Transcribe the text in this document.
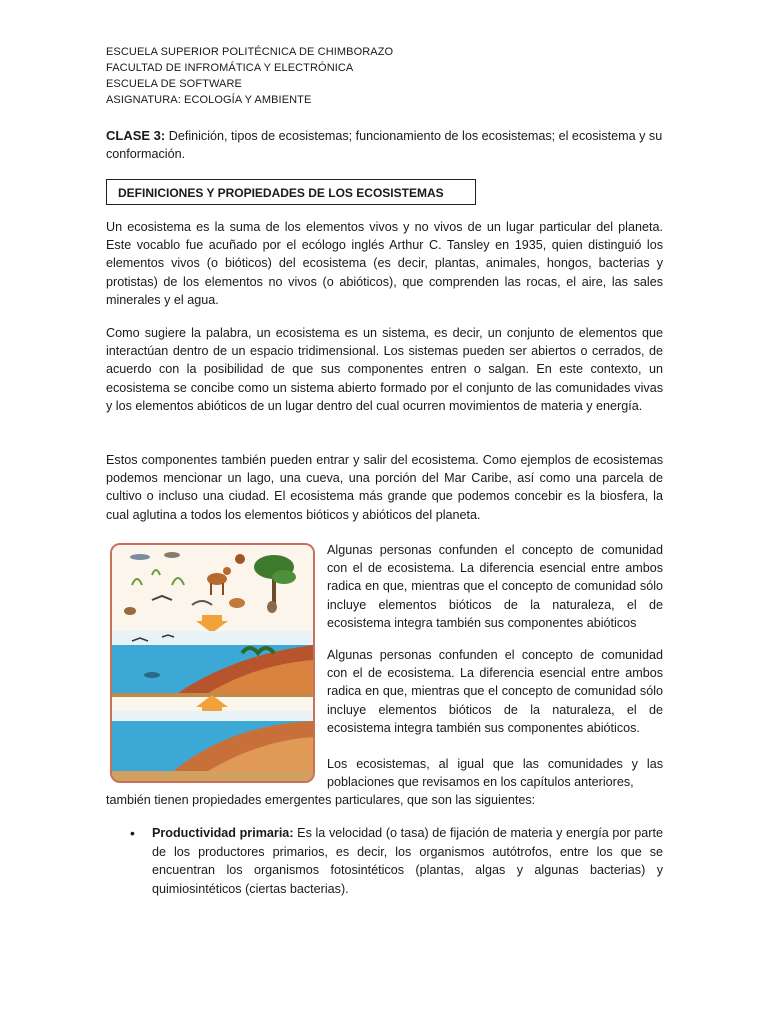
ESCUELA SUPERIOR POLITÉCNICA DE CHIMBORAZO
FACULTAD DE INFROMÁTICA Y ELECTRÓNICA
ESCUELA DE SOFTWARE
ASIGNATURA: ECOLOGÍA Y AMBIENTE
CLASE 3: Definición, tipos de ecosistemas; funcionamiento de los ecosistemas; el ecosistema y su conformación.
DEFINICIONES Y PROPIEDADES DE LOS ECOSISTEMAS
Un ecosistema es la suma de los elementos vivos y no vivos de un lugar particular del planeta. Este vocablo fue acuñado por el ecólogo inglés Arthur C. Tansley en 1935, quien distinguió los elementos vivos (o bióticos) del ecosistema (es decir, plantas, animales, hongos, bacterias y protistas) de los elementos no vivos (o abióticos), que comprenden las rocas, el aire, las sales minerales y el agua.
Como sugiere la palabra, un ecosistema es un sistema, es decir, un conjunto de elementos que interactúan dentro de un espacio tridimensional. Los sistemas pueden ser abiertos o cerrados, de acuerdo con la posibilidad de que sus componentes entren o salgan. En este contexto, un ecosistema se concibe como un sistema abierto formado por el conjunto de las comunidades vivas y los elementos abióticos de un lugar dentro del cual ocurren movimientos de materia y energía.
Estos componentes también pueden entrar y salir del ecosistema. Como ejemplos de ecosistemas podemos mencionar un lago, una cueva, una porción del Mar Caribe, así como una parcela de cultivo o incluso una ciudad. El ecosistema más grande que podemos concebir es la biosfera, la cual aglutina a todos los elementos bióticos y abióticos del planeta.
Algunas personas confunden el concepto de comunidad con el de ecosistema. La diferencia esencial entre ambos radica en que, mientras que el concepto de comunidad sólo incluye elementos bióticos de la naturaleza, el de ecosistema integra también sus componentes abióticos
Algunas personas confunden el concepto de comunidad con el de ecosistema. La diferencia esencial entre ambos radica en que, mientras que el concepto de comunidad sólo incluye elementos bióticos de la naturaleza, el de ecosistema integra también sus componentes abióticos.
Los ecosistemas, al igual que las comunidades y las poblaciones que revisamos en los capítulos anteriores,
también tienen propiedades emergentes particulares, que son las siguientes:
• Productividad primaria: Es la velocidad (o tasa) de fijación de materia y energía por parte de los productores primarios, es decir, los organismos autótrofos, entre los que se encuentran los organismos fotosintéticos (plantas, algas y algunas bacterias) y quimiosintéticos (ciertas bacterias).
